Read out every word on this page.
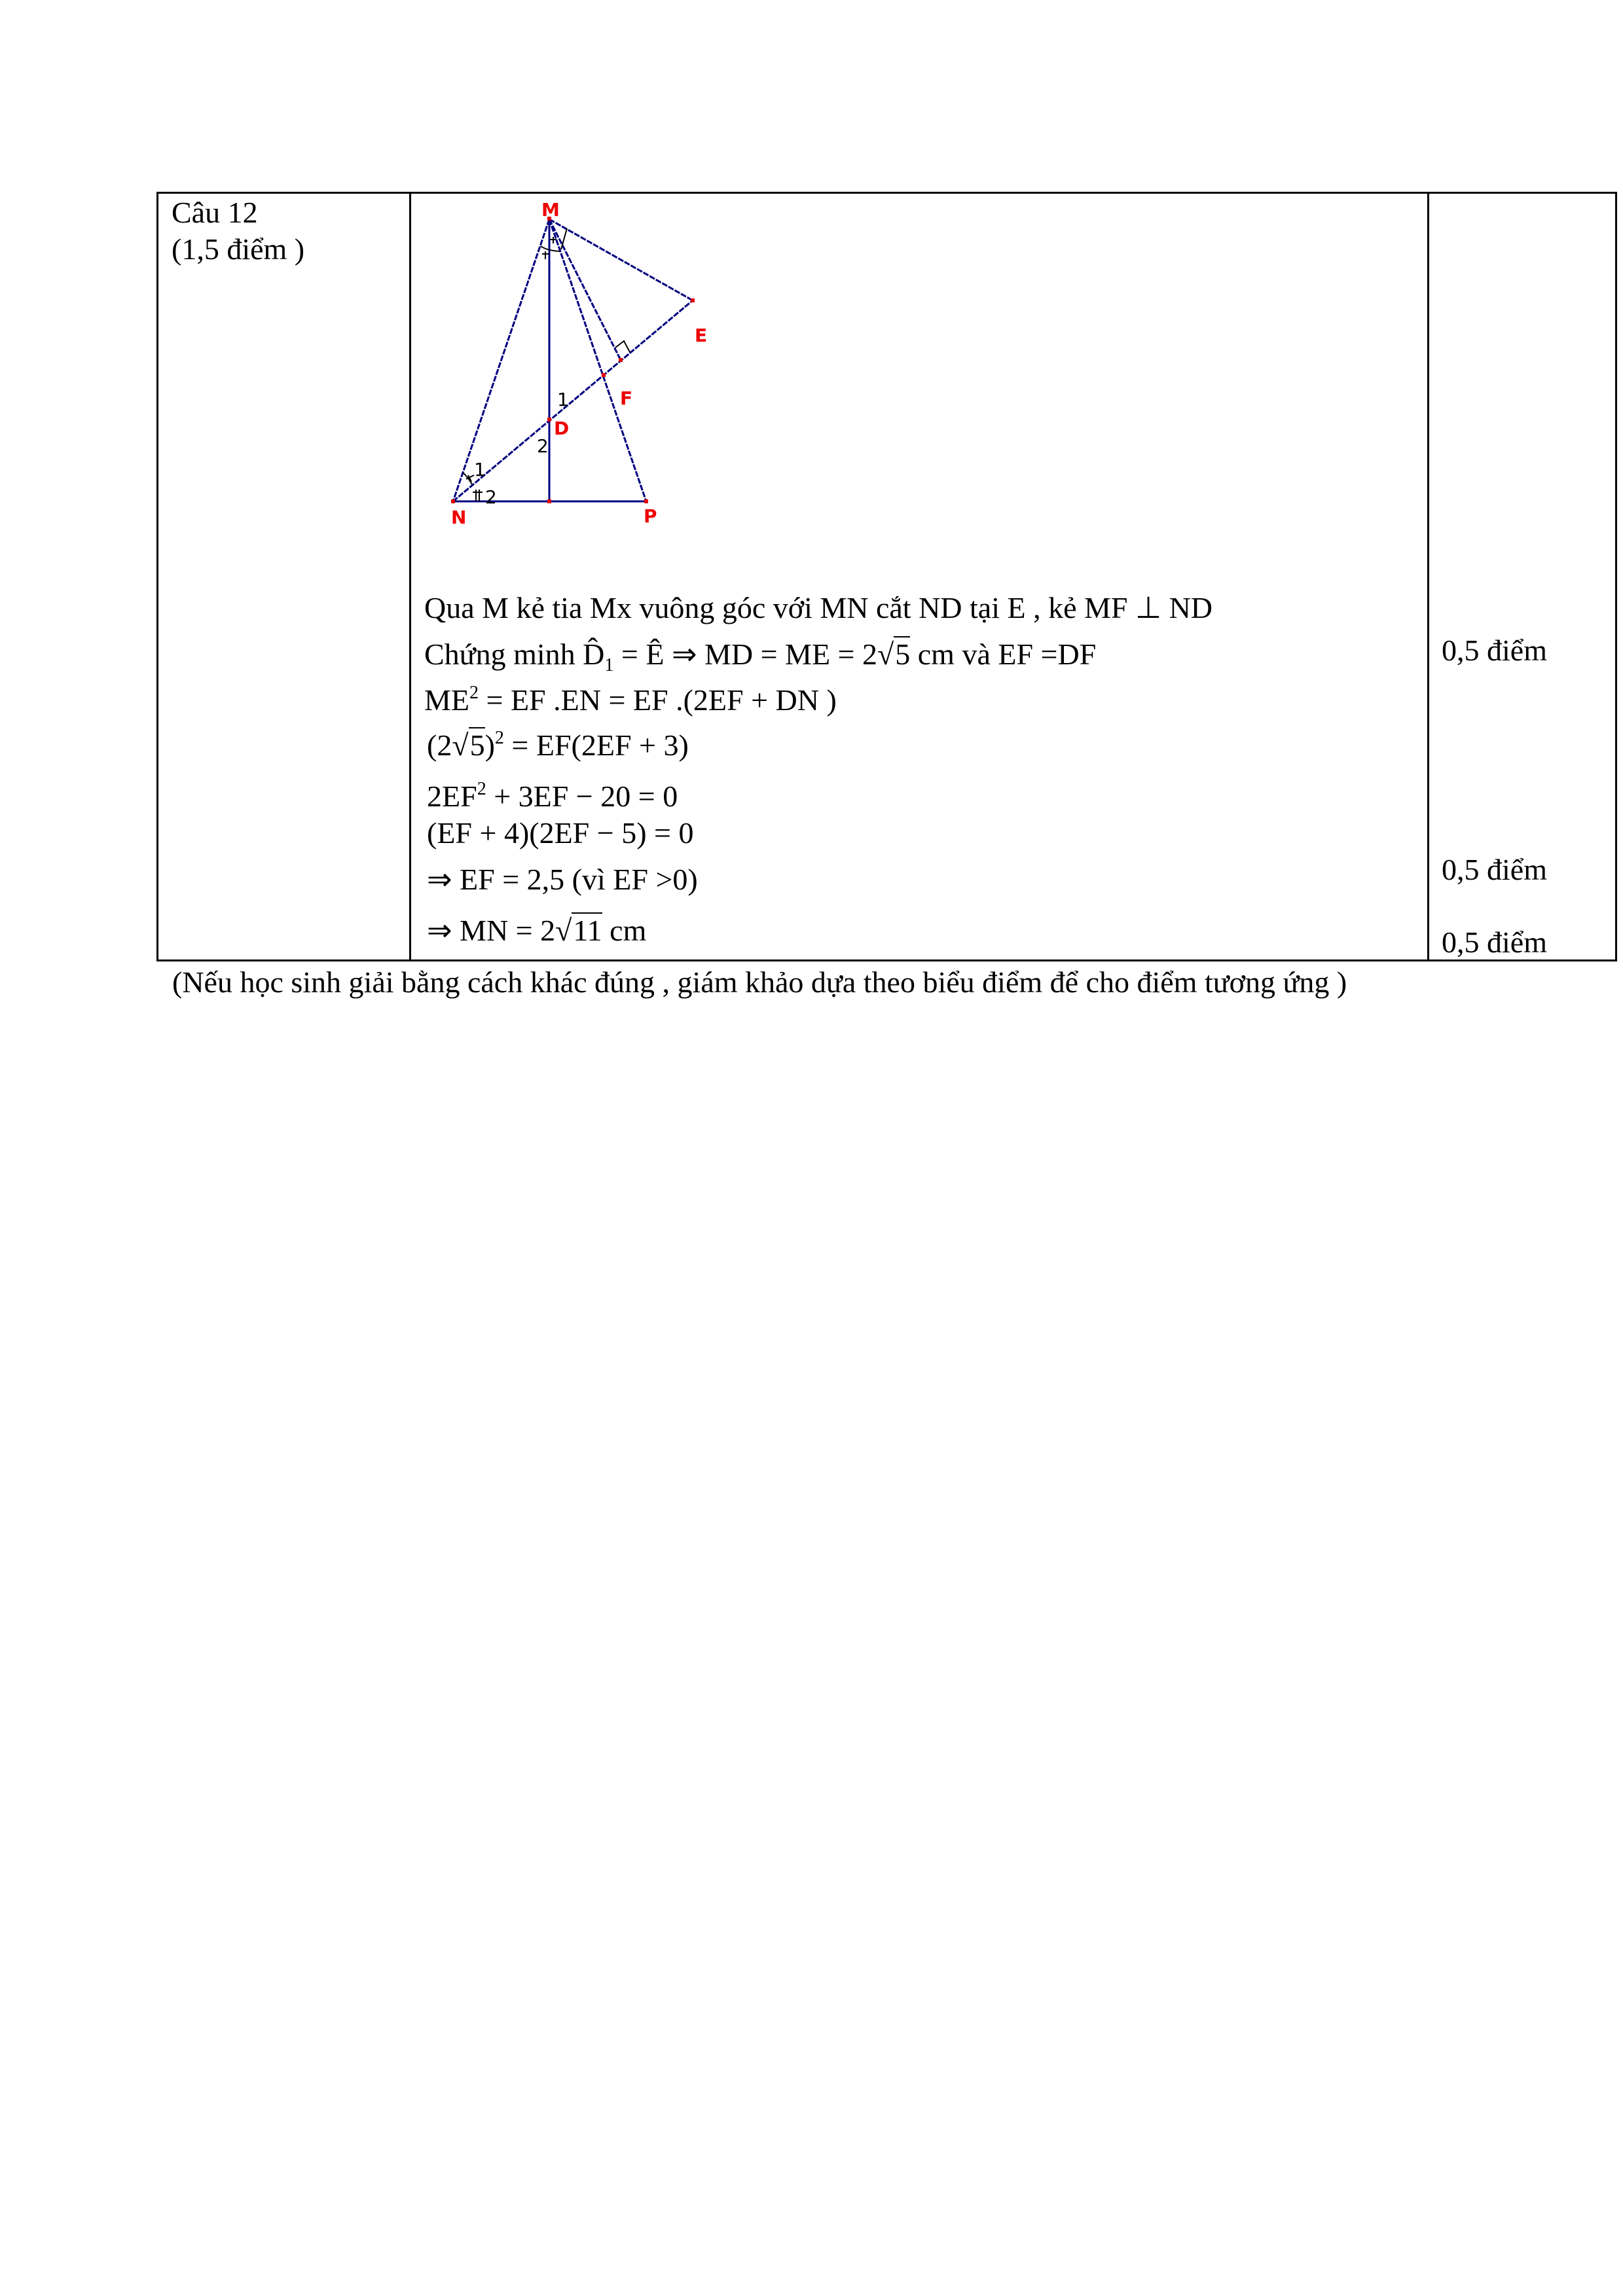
Câu 12
(1,5 điểm )
M
N	P
D
E
F
1
2
1
2
Qua M kẻ tia Mx vuông góc với MN cắt ND tại E , kẻ MF ⊥ ND
Chứng minh $D̂_1$ = Ê ⇒ MD = ME = 2√5 cm và EF =DF
$ME^2$ = EF .EN = EF .(2EF + DN )
$(2√5)^2 = EF(2EF + 3)$
$2EF^2 + 3EF - 20 = 0$
(EF + 4)(2EF − 5) = 0
⇒ EF = 2,5 (vì EF >0)
⇒ MN = 2√11 cm
0,5 điểm
0,5 điểm
0,5 điểm
(Nếu học sinh giải bằng cách khác đúng , giám khảo dựa theo biểu điểm để cho điểm tương ứng )
